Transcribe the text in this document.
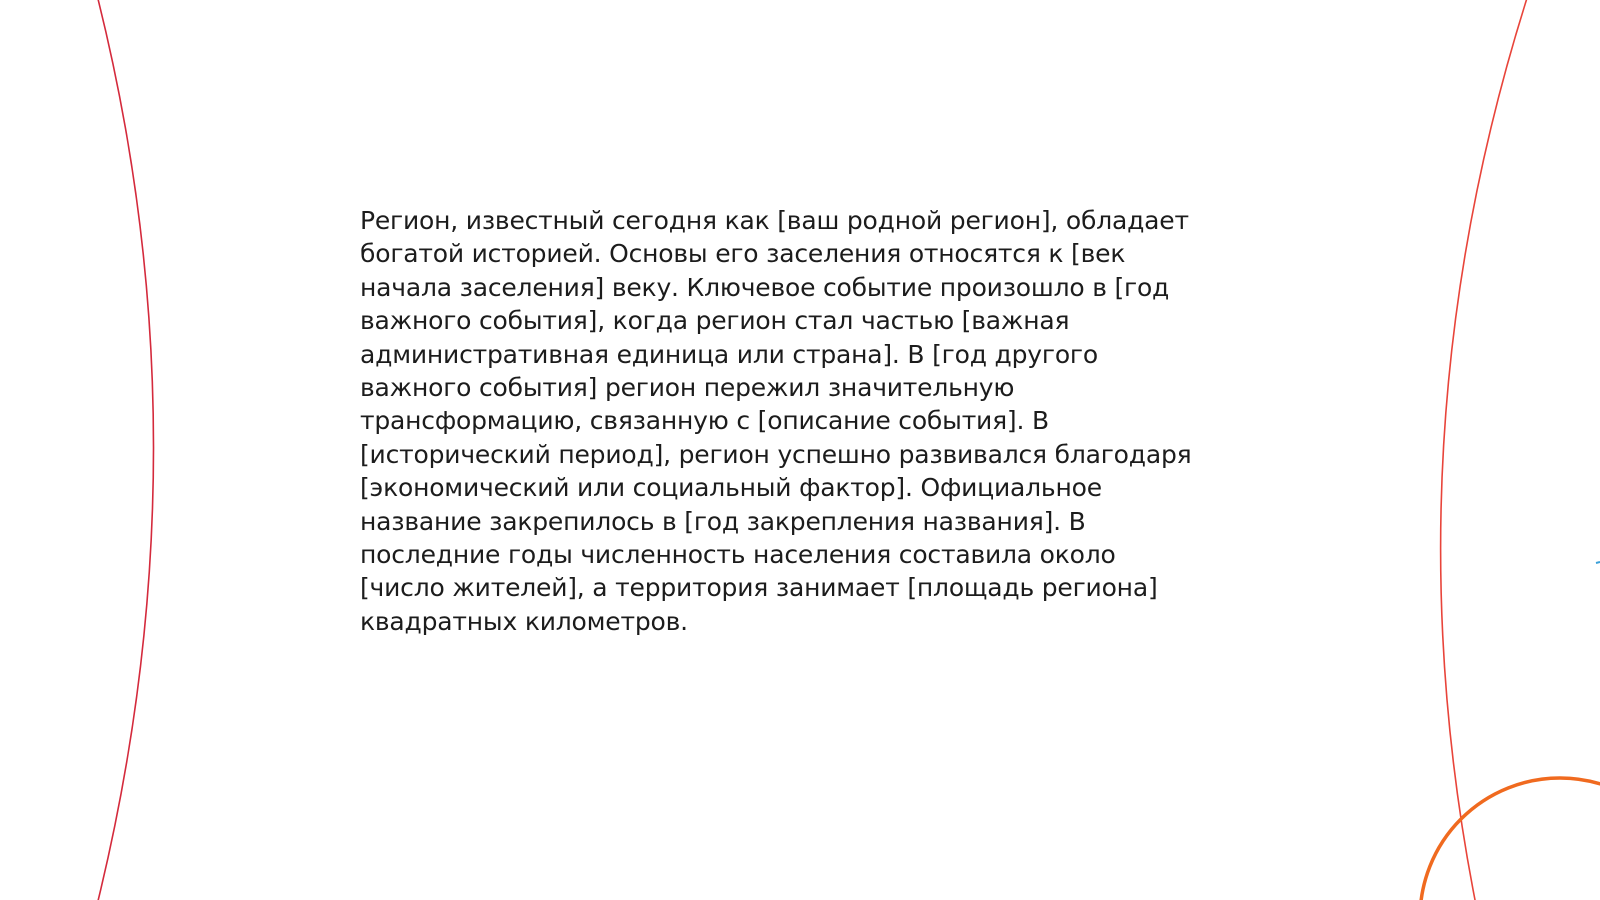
Регион, известный сегодня как [ваш родной регион], обладает
богатой историей. Основы его заселения относятся к [век
начала заселения] веку. Ключевое событие произошло в [год
важного события], когда регион стал частью [важная
административная единица или страна]. В [год другого
важного события] регион пережил значительную
трансформацию, связанную с [описание события]. В
[исторический период], регион успешно развивался благодаря
[экономический или социальный фактор]. Официальное
название закрепилось в [год закрепления названия]. В
последние годы численность населения составила около
[число жителей], а территория занимает [площадь региона]
квадратных километров.
